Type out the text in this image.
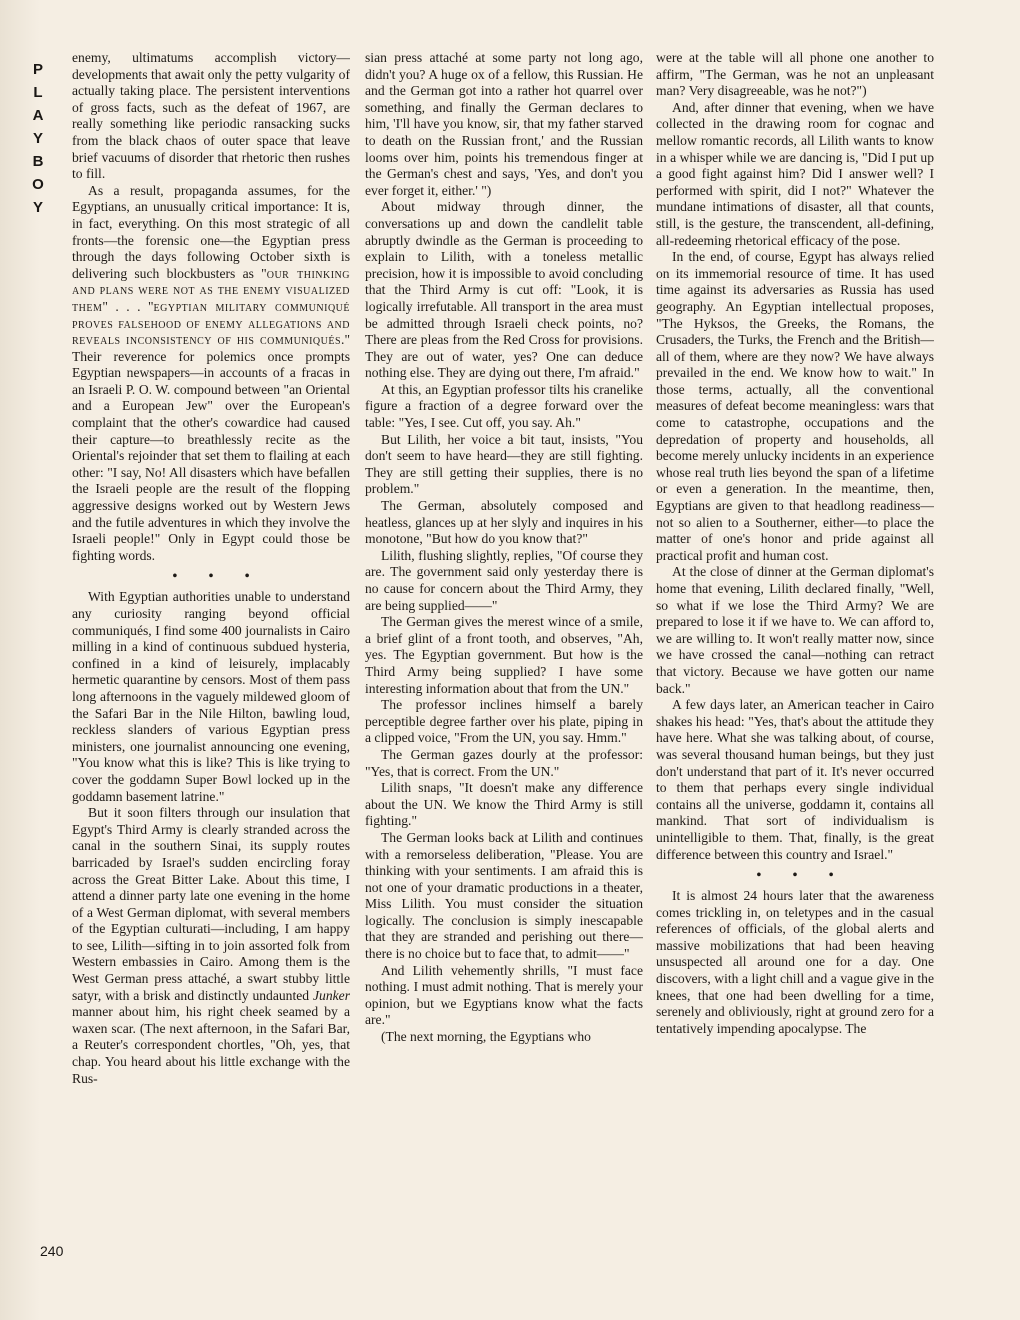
P
L
A
Y
B
O
Y
240

enemy, ultimatums accomplish victory—developments that await only the petty vulgarity of actually taking place. The persistent interventions of gross facts, such as the defeat of 1967, are really something like periodic ransacking sucks from the black chaos of outer space that leave brief vacuums of disorder that rhetoric then rushes to fill.

As a result, propaganda assumes, for the Egyptians, an unusually critical importance: It is, in fact, everything. On this most strategic of all fronts—the forensic one—the Egyptian press through the days following October sixth is delivering such blockbusters as "our thinking and plans were not as the enemy visualized them" . . . "egyptian military communiqué proves falsehood of enemy allegations and reveals inconsistency of his communiqués." Their reverence for polemics once prompts Egyptian newspapers—in accounts of a fracas in an Israeli P. O. W. compound between "an Oriental and a European Jew" over the European's complaint that the other's cowardice had caused their capture—to breathlessly recite as the Oriental's rejoinder that set them to flailing at each other: "I say, No! All disasters which have befallen the Israeli people are the result of the flopping aggressive designs worked out by Western Jews and the futile adventures in which they involve the Israeli people!" Only in Egypt could those be fighting words.

• • •

With Egyptian authorities unable to understand any curiosity ranging beyond official communiqués, I find some 400 journalists in Cairo milling in a kind of continuous subdued hysteria, confined in a kind of leisurely, implacably hermetic quarantine by censors. Most of them pass long afternoons in the vaguely mildewed gloom of the Safari Bar in the Nile Hilton, bawling loud, reckless slanders of various Egyptian press ministers, one journalist announcing one evening, "You know what this is like? This is like trying to cover the goddamn Super Bowl locked up in the goddamn basement latrine."

But it soon filters through our insulation that Egypt's Third Army is clearly stranded across the canal in the southern Sinai, its supply routes barricaded by Israel's sudden encircling foray across the Great Bitter Lake. About this time, I attend a dinner party late one evening in the home of a West German diplomat, with several members of the Egyptian culturati—including, I am happy to see, Lilith—sifting in to join assorted folk from Western embassies in Cairo. Among them is the West German press attaché, a swart stubby little satyr, with a brisk and distinctly undaunted Junker manner about him, his right cheek seamed by a waxen scar. (The next afternoon, in the Safari Bar, a Reuter's correspondent chortles, "Oh, yes, that chap. You heard about his little exchange with the Rus-

sian press attaché at some party not long ago, didn't you? A huge ox of a fellow, this Russian. He and the German got into a rather hot quarrel over something, and finally the German declares to him, 'I'll have you know, sir, that my father starved to death on the Russian front,' and the Russian looms over him, points his tremendous finger at the German's chest and says, 'Yes, and don't you ever forget it, either.' ")

About midway through dinner, the conversations up and down the candlelit table abruptly dwindle as the German is proceeding to explain to Lilith, with a toneless metallic precision, how it is impossible to avoid concluding that the Third Army is cut off: "Look, it is logically irrefutable. All transport in the area must be admitted through Israeli check points, no? There are pleas from the Red Cross for provisions. They are out of water, yes? One can deduce nothing else. They are dying out there, I'm afraid."

At this, an Egyptian professor tilts his cranelike figure a fraction of a degree forward over the table: "Yes, I see. Cut off, you say. Ah."

But Lilith, her voice a bit taut, insists, "You don't seem to have heard—they are still fighting. They are still getting their supplies, there is no problem."

The German, absolutely composed and heatless, glances up at her slyly and inquires in his monotone, "But how do you know that?"

Lilith, flushing slightly, replies, "Of course they are. The government said only yesterday there is no cause for concern about the Third Army, they are being supplied——"

The German gives the merest wince of a smile, a brief glint of a front tooth, and observes, "Ah, yes. The Egyptian government. But how is the Third Army being supplied? I have some interesting information about that from the UN."

The professor inclines himself a barely perceptible degree farther over his plate, piping in a clipped voice, "From the UN, you say. Hmm."

The German gazes dourly at the professor: "Yes, that is correct. From the UN."

Lilith snaps, "It doesn't make any difference about the UN. We know the Third Army is still fighting."

The German looks back at Lilith and continues with a remorseless deliberation, "Please. You are thinking with your sentiments. I am afraid this is not one of your dramatic productions in a theater, Miss Lilith. You must consider the situation logically. The conclusion is simply inescapable that they are stranded and perishing out there—there is no choice but to face that, to admit——"

And Lilith vehemently shrills, "I must face nothing. I must admit nothing. That is merely your opinion, but we Egyptians know what the facts are."

(The next morning, the Egyptians who

were at the table will all phone one another to affirm, "The German, was he not an unpleasant man? Very disagreeable, was he not?")

And, after dinner that evening, when we have collected in the drawing room for cognac and mellow romantic records, all Lilith wants to know in a whisper while we are dancing is, "Did I put up a good fight against him? Did I answer well? I performed with spirit, did I not?" Whatever the mundane intimations of disaster, all that counts, still, is the gesture, the transcendent, all-defining, all-redeeming rhetorical efficacy of the pose.

In the end, of course, Egypt has always relied on its immemorial resource of time. It has used time against its adversaries as Russia has used geography. An Egyptian intellectual proposes, "The Hyksos, the Greeks, the Romans, the Crusaders, the Turks, the French and the British—all of them, where are they now? We have always prevailed in the end. We know how to wait." In those terms, actually, all the conventional measures of defeat become meaningless: wars that come to catastrophe, occupations and the depredation of property and households, all become merely unlucky incidents in an experience whose real truth lies beyond the span of a lifetime or even a generation. In the meantime, then, Egyptians are given to that headlong readiness—not so alien to a Southerner, either—to place the matter of one's honor and pride against all practical profit and human cost.

At the close of dinner at the German diplomat's home that evening, Lilith declared finally, "Well, so what if we lose the Third Army? We are prepared to lose it if we have to. We can afford to, we are willing to. It won't really matter now, since we have crossed the canal—nothing can retract that victory. Because we have gotten our name back."

A few days later, an American teacher in Cairo shakes his head: "Yes, that's about the attitude they have here. What she was talking about, of course, was several thousand human beings, but they just don't understand that part of it. It's never occurred to them that perhaps every single individual contains all the universe, goddamn it, contains all mankind. That sort of individualism is unintelligible to them. That, finally, is the great difference between this country and Israel."

• • •

It is almost 24 hours later that the awareness comes trickling in, on teletypes and in the casual references of officials, of the global alerts and massive mobilizations that had been heaving unsuspected all around one for a day. One discovers, with a light chill and a vague give in the knees, that one had been dwelling for a time, serenely and obliviously, right at ground zero for a tentatively impending apocalypse. The
